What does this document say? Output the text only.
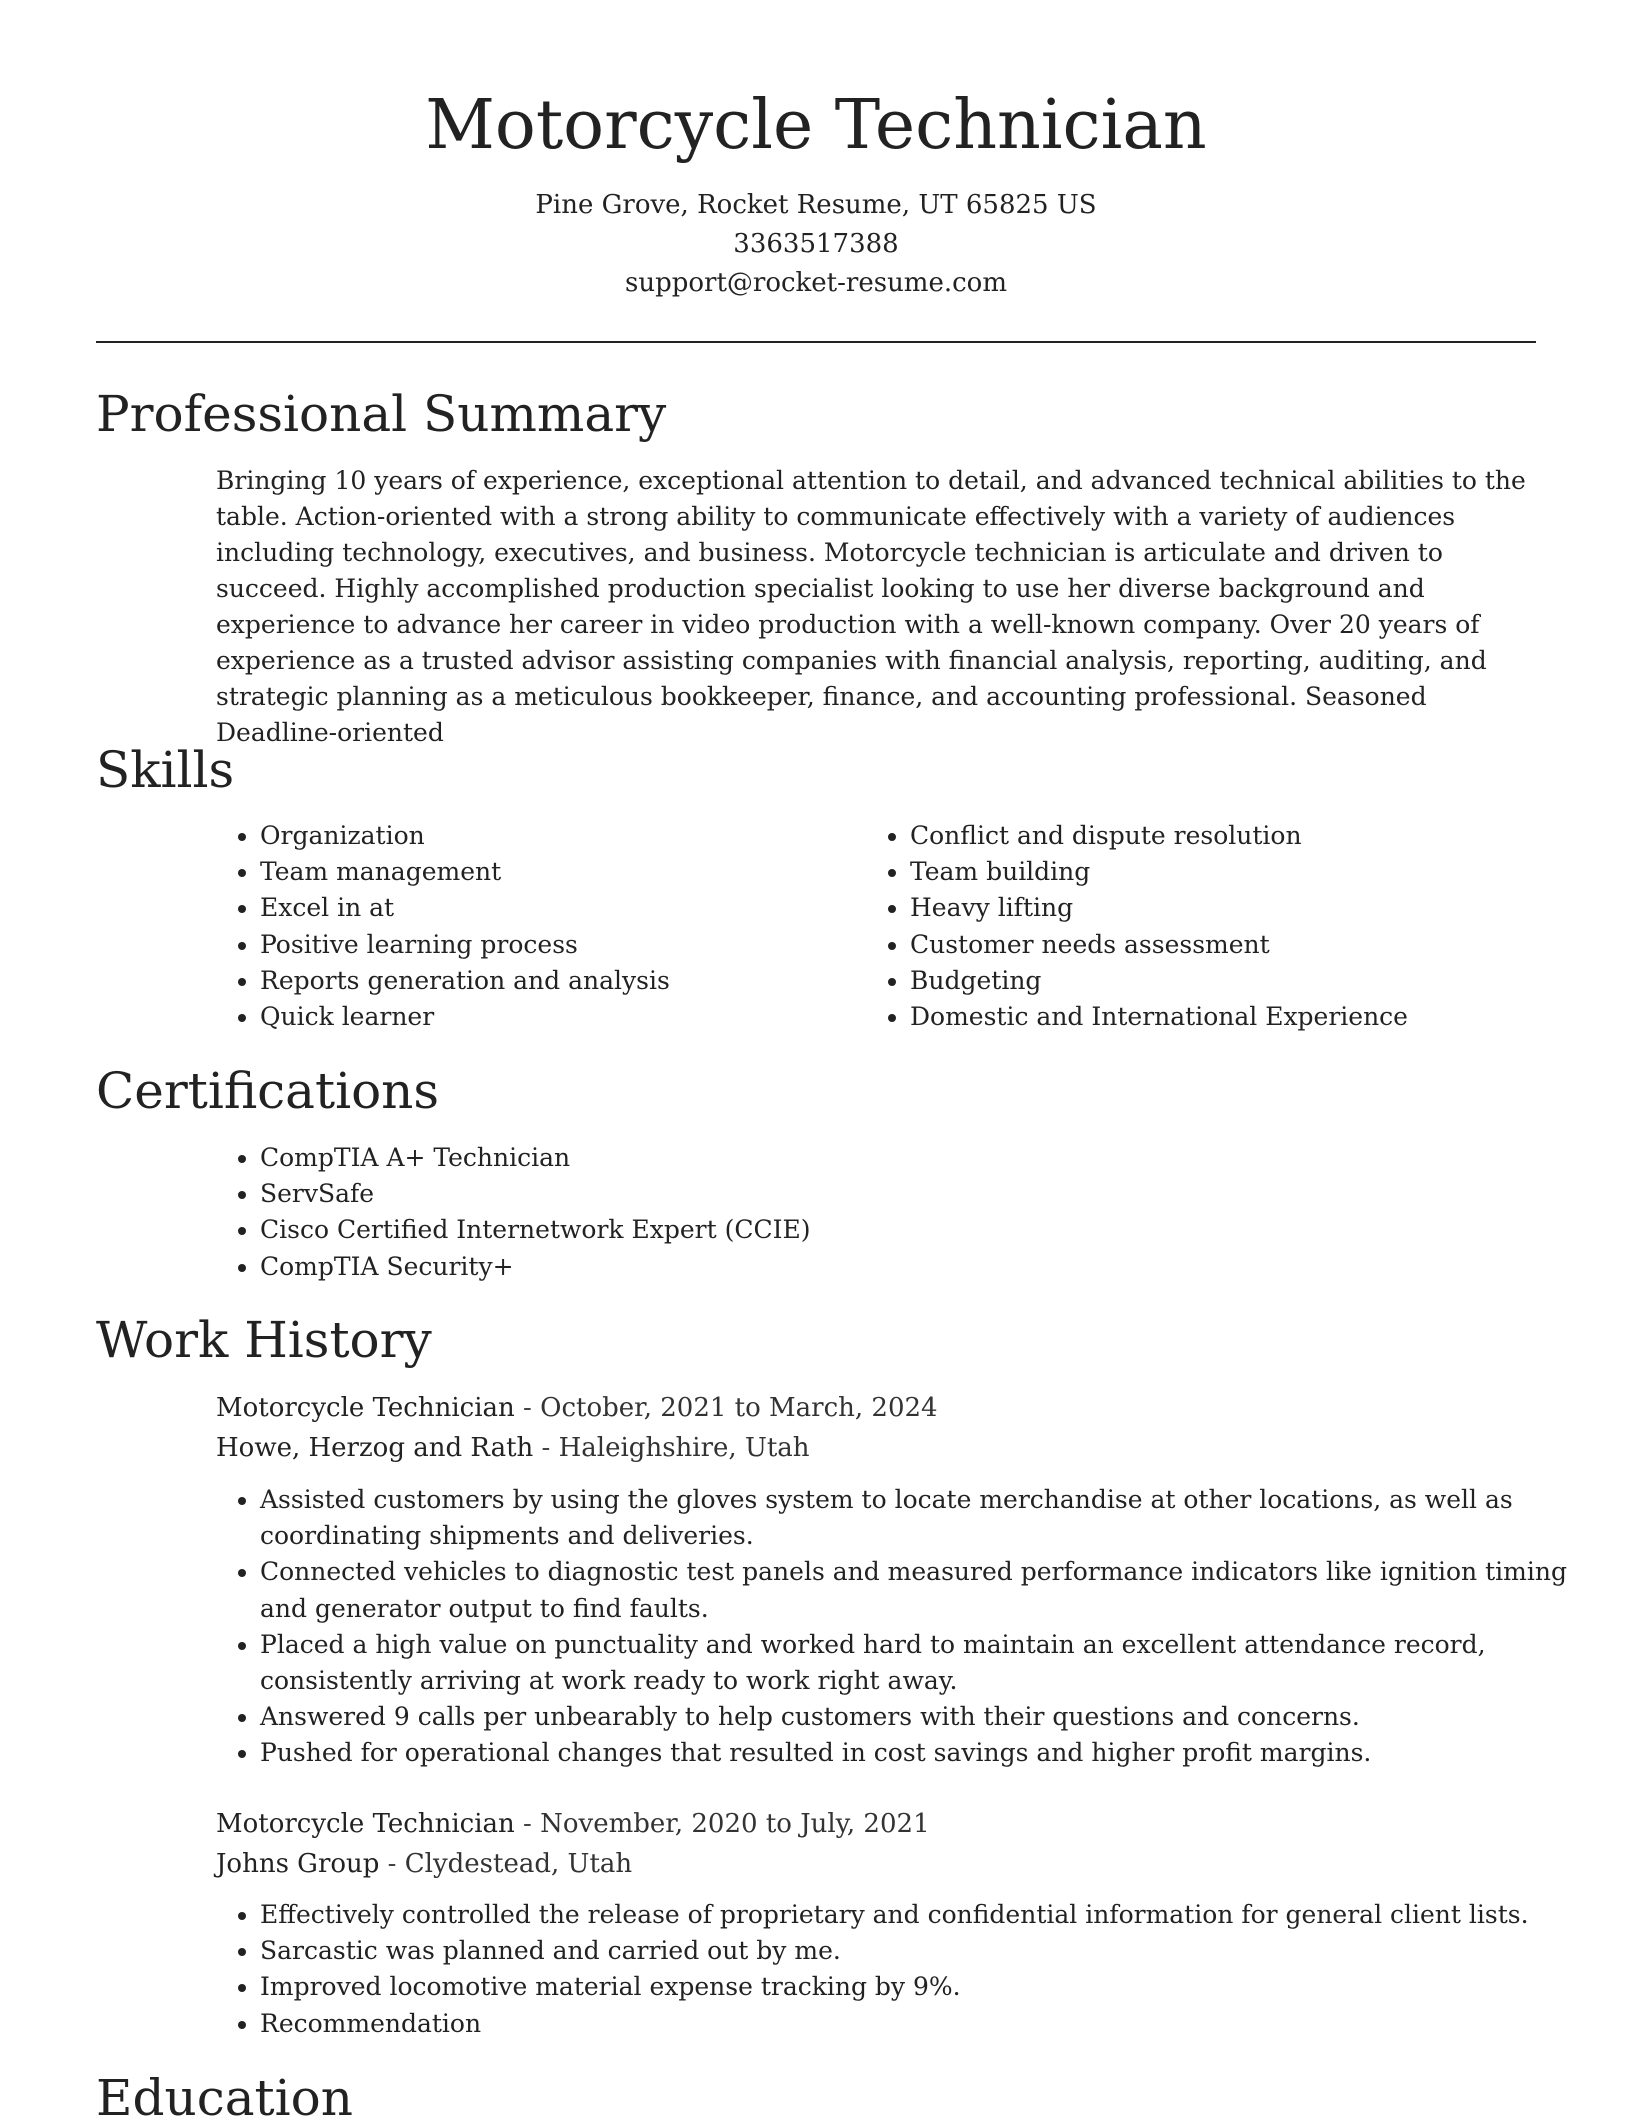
Motorcycle Technician

Pine Grove, Rocket Resume, UT 65825 US

3363517388

support@rocket-resume.com

Professional Summary

Bringing 10 years of experience, exceptional attention to detail, and advanced technical abilities to the table. Action-oriented with a strong ability to communicate effectively with a variety of audiences including technology, executives, and business. Motorcycle technician is articulate and driven to succeed. Highly accomplished production specialist looking to use her diverse background and experience to advance her career in video production with a well-known company. Over 20 years of experience as a trusted advisor assisting companies with financial analysis, reporting, auditing, and strategic planning as a meticulous bookkeeper, finance, and accounting professional. Seasoned Deadline-oriented

Skills
• Organization
• Team management
• Excel in at
• Positive learning process
• Reports generation and analysis
• Quick learner
• Conflict and dispute resolution
• Team building
• Heavy lifting
• Customer needs assessment
• Budgeting
• Domestic and International Experience
Certifications
• CompTIA A+ Technician
• ServSafe
• Cisco Certified Internetwork Expert (CCIE)
• CompTIA Security+
Work History
Motorcycle Technician - October, 2021 to March, 2024
Howe, Herzog and Rath - Haleighshire, Utah
• Assisted customers by using the gloves system to locate merchandise at other locations, as well as coordinating shipments and deliveries.
• Connected vehicles to diagnostic test panels and measured performance indicators like ignition timing and generator output to find faults.
• Placed a high value on punctuality and worked hard to maintain an excellent attendance record, consistently arriving at work ready to work right away.
• Answered 9 calls per unbearably to help customers with their questions and concerns.
• Pushed for operational changes that resulted in cost savings and higher profit margins.
Motorcycle Technician - November, 2020 to July, 2021
Johns Group - Clydestead, Utah
• Effectively controlled the release of proprietary and confidential information for general client lists.
• Sarcastic was planned and carried out by me.
• Improved locomotive material expense tracking by 9%.
• Recommendation
Education
